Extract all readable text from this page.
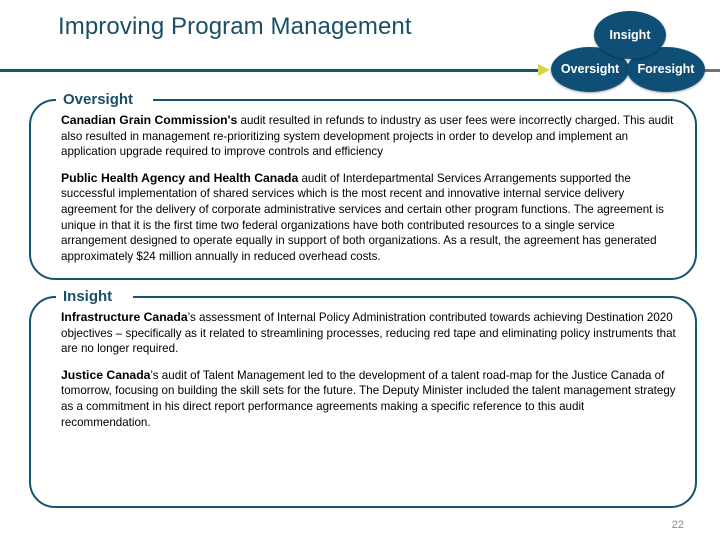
Improving Program Management	Insight
Oversight Foresight
Oversight

Canadian Grain Commission's audit resulted in refunds to industry as user fees were incorrectly charged. This audit also resulted in management re-prioritizing system development projects in order to develop and implement an application upgrade required to improve controls and efficiency

Public Health Agency and Health Canada audit of Interdepartmental Services Arrangements supported the successful implementation of shared services which is the most recent and innovative internal service delivery agreement for the delivery of corporate administrative services and certain other program functions. The agreement is unique in that it is the first time two federal organizations have both contributed resources to a single service arrangement designed to operate equally in support of both organizations. As a result, the agreement has generated approximately $24 million annually in reduced overhead costs.

Insight

Infrastructure Canada’s assessment of Internal Policy Administration contributed towards achieving Destination 2020 objectives – specifically as it related to streamlining processes, reducing red tape and eliminating policy instruments that are no longer required.

Justice Canada’s audit of Talent Management led to the development of a talent road-map for the Justice Canada of tomorrow, focusing on building the skill sets for the future. The Deputy Minister included the talent management strategy as a commitment in his direct report performance agreements making a specific reference to this audit recommendation.

22
